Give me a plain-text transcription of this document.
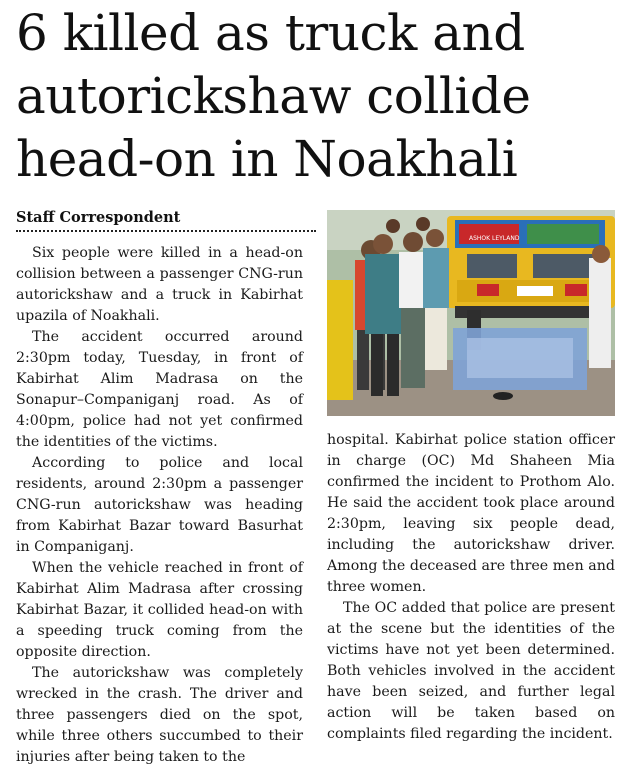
6 killed as truck and autorickshaw collide head-on in Noakhali
Staff Correspondent

Six people were killed in a head-on collision between a passenger CNG-run autorickshaw and a truck in Kabirhat upazila of Noakhali.

The accident occurred around 2:30pm today, Tuesday, in front of Kabirhat Alim Madrasa on the Sonapur–Companiganj road. As of 4:00pm, police had not yet confirmed the identities of the victims.

According to police and local residents, around 2:30pm a passenger CNG-run autorickshaw was heading from Kabirhat Bazar toward Basurhat in Companiganj.

When the vehicle reached in front of Kabirhat Alim Madrasa after crossing Kabirhat Bazar, it collided head-on with a speeding truck coming from the opposite direction.

The autorickshaw was completely wrecked in the crash. The driver and three passengers died on the spot, while three others succumbed to their injuries after being taken to the

ASHOK LEYLAND

hospital. Kabirhat police station officer in charge (OC) Md Shaheen Mia confirmed the incident to Prothom Alo. He said the accident took place around 2:30pm, leaving six people dead, including the autorickshaw driver. Among the deceased are three men and three women.

The OC added that police are present at the scene but the identities of the victims have not yet been determined. Both vehicles involved in the accident have been seized, and further legal action will be taken based on complaints filed regarding the incident.
